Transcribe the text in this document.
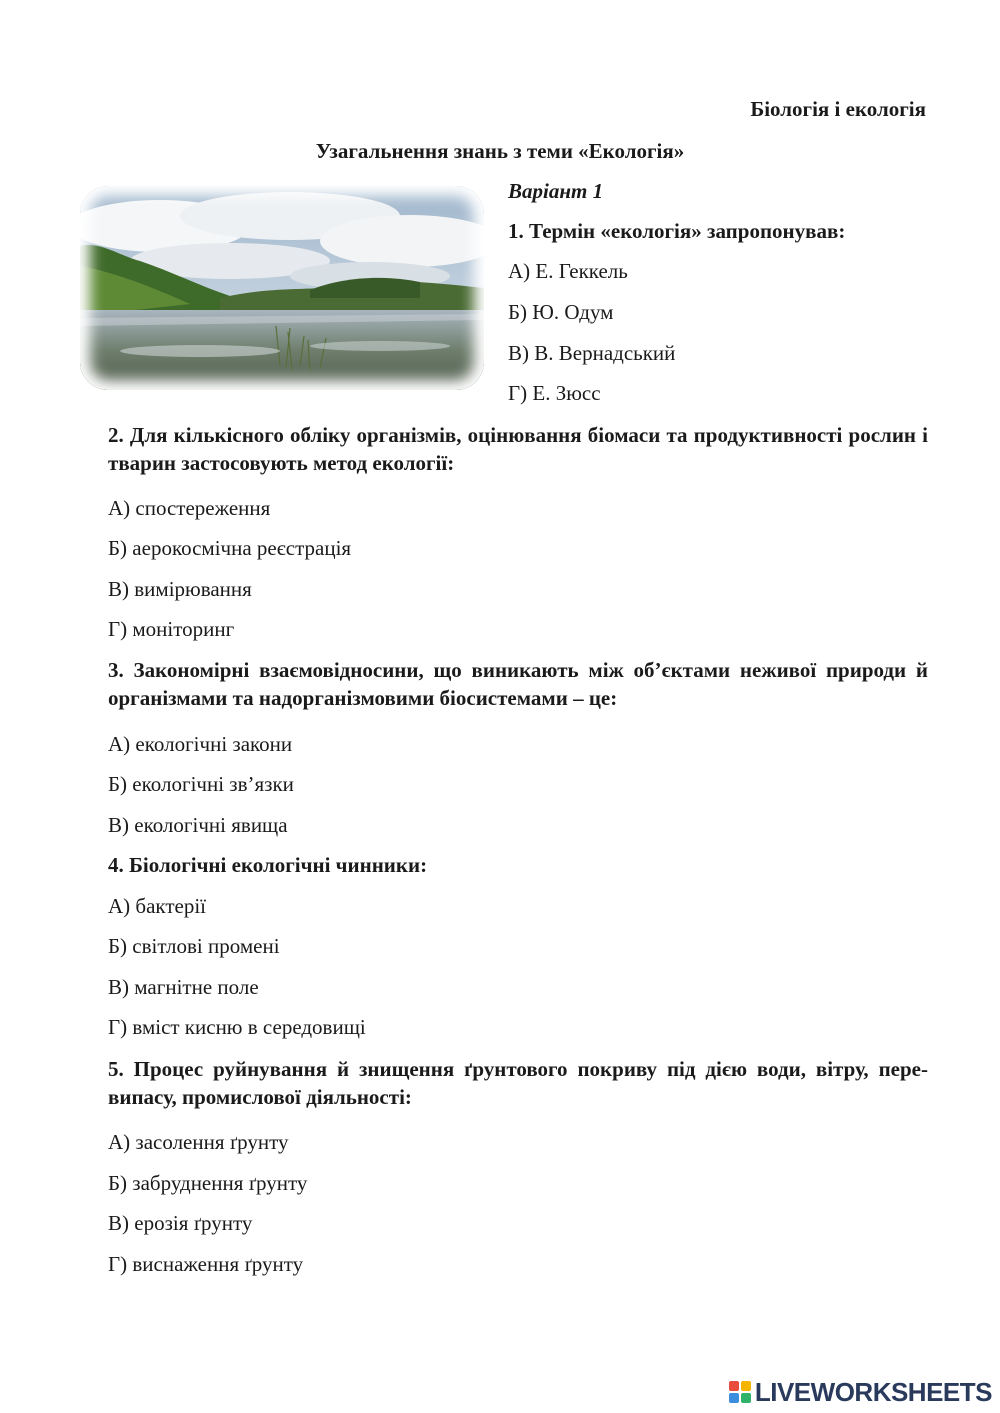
Біологія і екологія
Узагальнення знань з теми «Екологія»
Варіант 1
1. Термін «екологія» запропонував:
А) Е. Геккель
Б) Ю. Одум
В) В. Вернадський
Г) Е. Зюсс
2. Для кількісного обліку організмів, оцінювання біомаси та продуктивності рослин і тварин застосовують метод екології:
А) спостереження
Б) аерокосмічна реєстрація
В) вимірювання
Г) моніторинг
3. Закономірні взаємовідносини, що виникають між об’єктами неживої природи й організмами та надорганізмовими біосистемами – це:
А) екологічні закони
Б) екологічні зв’язки
В) екологічні явища
4. Біологічні екологічні чинники:
А) бактерії
Б) світлові промені
В) магнітне поле
Г) вміст кисню в середовищі
5. Процес руйнування й знищення ґрунтового покриву під дією води, вітру, пере- випасу, промислової діяльності:
А) засолення ґрунту
Б) забруднення ґрунту
В) ерозія ґрунту
Г) виснаження ґрунту
LIVEWORKSHEETS
